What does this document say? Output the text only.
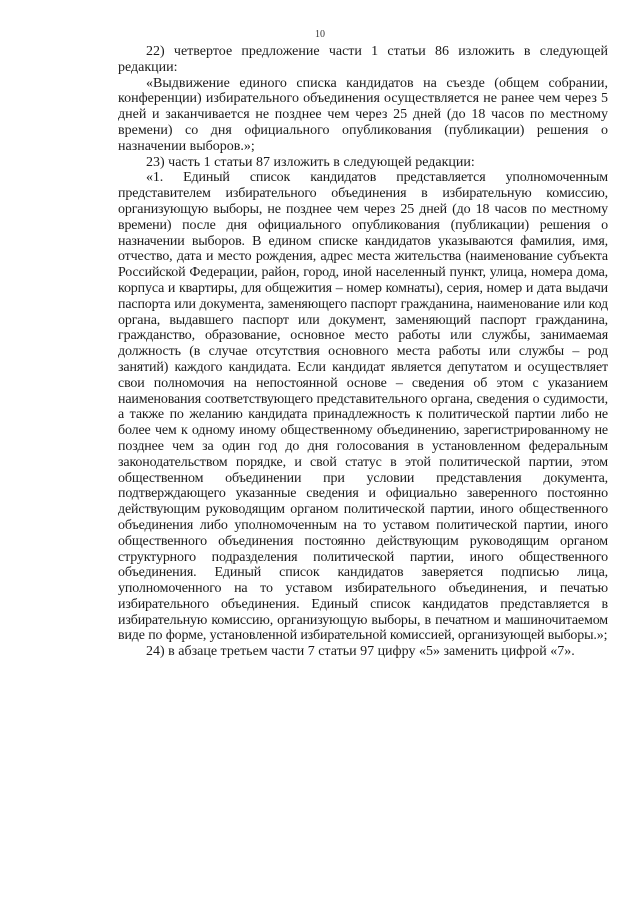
10

22) четвертое предложение части 1 статьи 86 изложить в следующей редакции:

«Выдвижение единого списка кандидатов на съезде (общем собрании, конференции) избирательного объединения осуществляется не ранее чем через 5 дней и заканчивается не позднее чем через 25 дней (до 18 часов по местному времени) со дня официального опубликования (публикации) решения о назначении выборов.»;

23) часть 1 статьи 87 изложить в следующей редакции:

«1. Единый список кандидатов представляется уполномоченным представителем избирательного объединения в избирательную комиссию, организующую выборы, не позднее чем через 25 дней (до 18 часов по местному времени) после дня официального опубликования (публикации) решения о назначении выборов. В едином списке кандидатов указываются фамилия, имя, отчество, дата и место рождения, адрес места жительства (наименование субъекта Российской Федерации, район, город, иной населенный пункт, улица, номера дома, корпуса и квартиры, для общежития – номер комнаты), серия, номер и дата выдачи паспорта или документа, заменяющего паспорт гражданина, наименование или код органа, выдавшего паспорт или документ, заменяющий паспорт гражданина, гражданство, образование, основное место работы или службы, занимаемая должность (в случае отсутствия основного места работы или службы – род занятий) каждого кандидата. Если кандидат является депутатом и осуществляет свои полномочия на непостоянной основе – сведения об этом с указанием наименования соответствующего представительного органа, сведения о судимости, а также по желанию кандидата принадлежность к политической партии либо не более чем к одному иному общественному объединению, зарегистрированному не позднее чем за один год до дня голосования в установленном федеральным законодательством порядке, и свой статус в этой политической партии, этом общественном объединении при условии представления документа, подтверждающего указанные сведения и официально заверенного постоянно действующим руководящим органом политической партии, иного общественного объединения либо уполномоченным на то уставом политической партии, иного общественного объединения постоянно действующим руководящим органом структурного подразделения политической партии, иного общественного объединения. Единый список кандидатов заверяется подписью лица, уполномоченного на то уставом избирательного объединения, и печатью избирательного объединения. Единый список кандидатов представляется в избирательную комиссию, организующую выборы, в печатном и машиночитаемом виде по форме, установленной избирательной комиссией, организующей выборы.»;

24) в абзаце третьем части 7 статьи 97 цифру «5» заменить цифрой «7».
